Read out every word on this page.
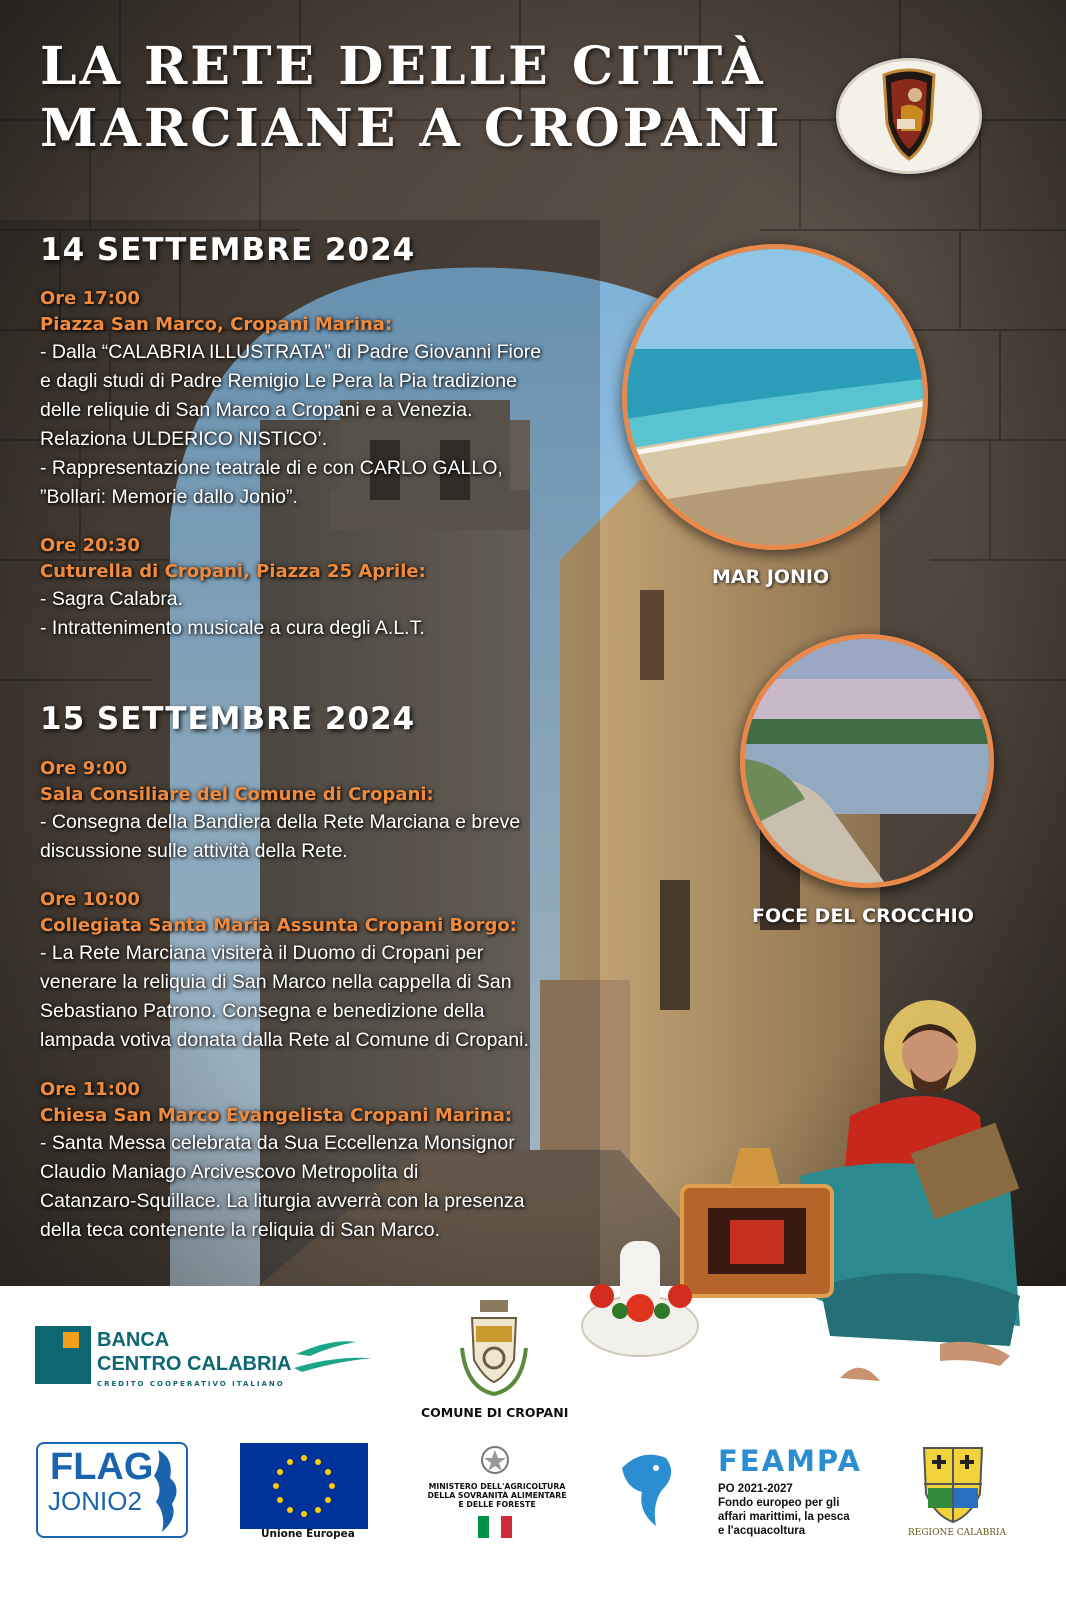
LA RETE DELLE CITTÀ
MARCIANE A CROPANI
14 SETTEMBRE 2024
Ore 17:00
Piazza San Marco, Cropani Marina:
- Dalla “CALABRIA ILLUSTRATA” di Padre Giovanni Fiore
e dagli studi di Padre Remigio Le Pera la Pia tradizione
delle reliquie di San Marco a Cropani e a Venezia.
Relaziona ULDERICO NISTICO’.
- Rappresentazione teatrale di e con CARLO GALLO,
”Bollari: Memorie dallo Jonio”.
Ore 20:30
Cuturella di Cropani, Piazza 25 Aprile:
- Sagra Calabra.
- Intrattenimento musicale a cura degli A.L.T.
15 SETTEMBRE 2024
Ore 9:00
Sala Consiliare del Comune di Cropani:
- Consegna della Bandiera della Rete Marciana e breve
discussione sulle attività della Rete.
Ore 10:00
Collegiata Santa Maria Assunta Cropani Borgo:
- La Rete Marciana visiterà il Duomo di Cropani per
venerare la reliquia di San Marco nella cappella di San
Sebastiano Patrono. Consegna e benedizione della
lampada votiva donata dalla Rete al Comune di Cropani.
Ore 11:00
Chiesa San Marco Evangelista Cropani Marina:
- Santa Messa celebrata da Sua Eccellenza Monsignor
Claudio Maniago Arcivescovo Metropolita di
Catanzaro-Squillace. La liturgia avverrà con la presenza
della teca contenente la reliquia di San Marco.
MAR JONIO
FOCE DEL CROCCHIO
BANCA
CENTRO CALABRIA
CREDITO COOPERATIVO ITALIANO
COMUNE DI CROPANI
FLAG
JONIO2
Unione Europea
MINISTERO DELL'AGRICOLTURA
DELLA SOVRANITÀ ALIMENTARE
E DELLE FORESTE
FEAMPA
PO 2021-2027
Fondo europeo per gli
affari marittimi, la pesca
e l'acquacoltura	REGIONE CALABRIA
